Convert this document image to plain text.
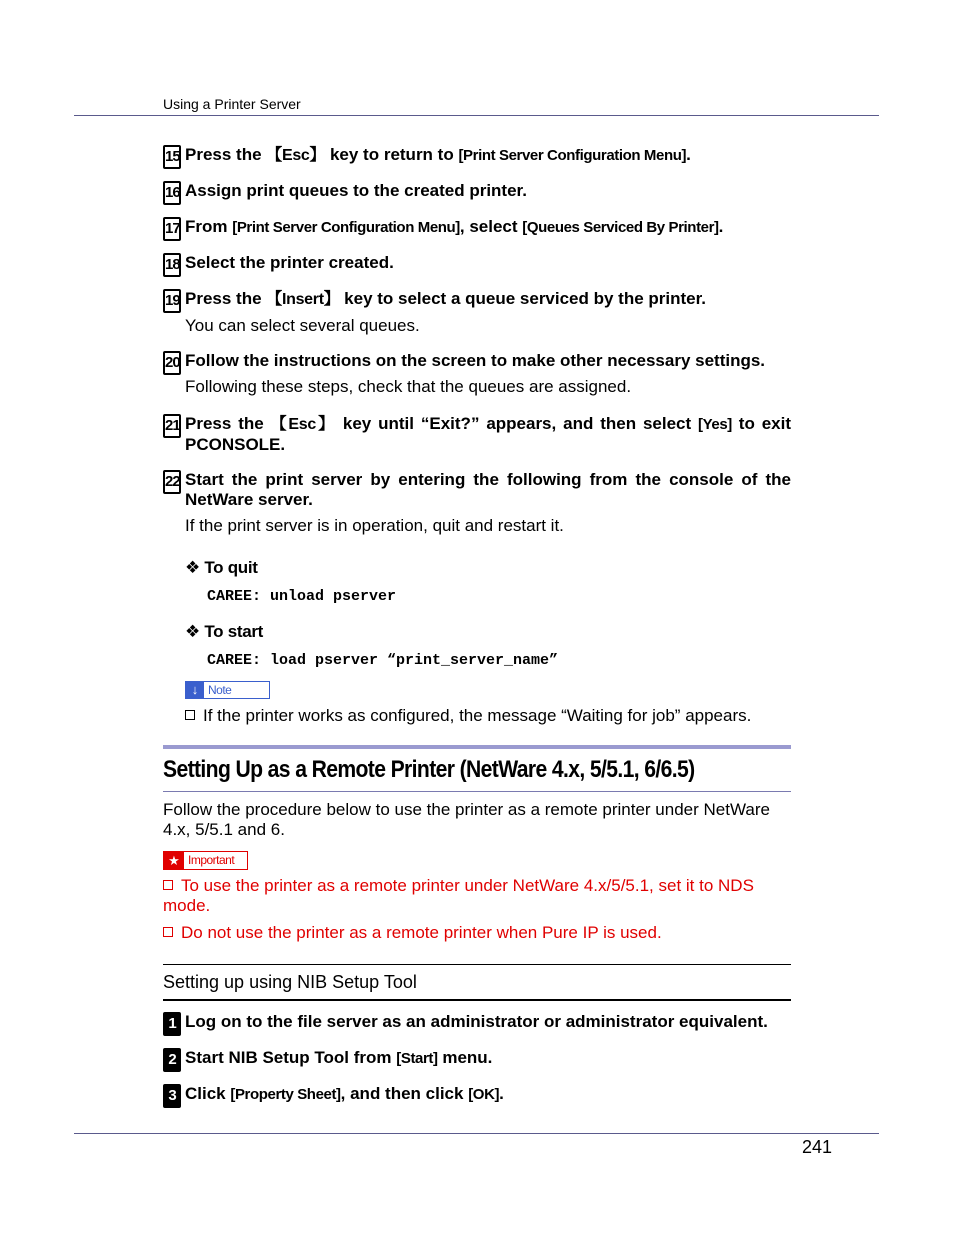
Using a Printer Server
15 Press the 【Esc】 key to return to [Print Server Configuration Menu].
16 Assign print queues to the created printer.
17 From [Print Server Configuration Menu], select [Queues Serviced By Printer].
18 Select the printer created.
19 Press the 【Insert】 key to select a queue serviced by the printer.
You can select several queues.
20 Follow the instructions on the screen to make other necessary settings.
Following these steps, check that the queues are assigned.
21 Press the 【Esc】 key until “Exit?” appears, and then select [Yes] to exit PCONSOLE.
22 Start the print server by entering the following from the console of the NetWare server.
If the print server is in operation, quit and restart it.
❖ To quit
CAREE: unload pserver
❖ To start
CAREE: load pserver “print_server_name”
↓ Note
If the printer works as configured, the message “Waiting for job” appears.
Setting Up as a Remote Printer (NetWare 4.x, 5/5.1, 6/6.5)
Follow the procedure below to use the printer as a remote printer under NetWare 4.x, 5/5.1 and 6.
★ Important
To use the printer as a remote printer under NetWare 4.x/5/5.1, set it to NDS mode.
Do not use the printer as a remote printer when Pure IP is used.
Setting up using NIB Setup Tool
1 Log on to the file server as an administrator or administrator equivalent.
2 Start NIB Setup Tool from [Start] menu.
3 Click [Property Sheet], and then click [OK].
241
